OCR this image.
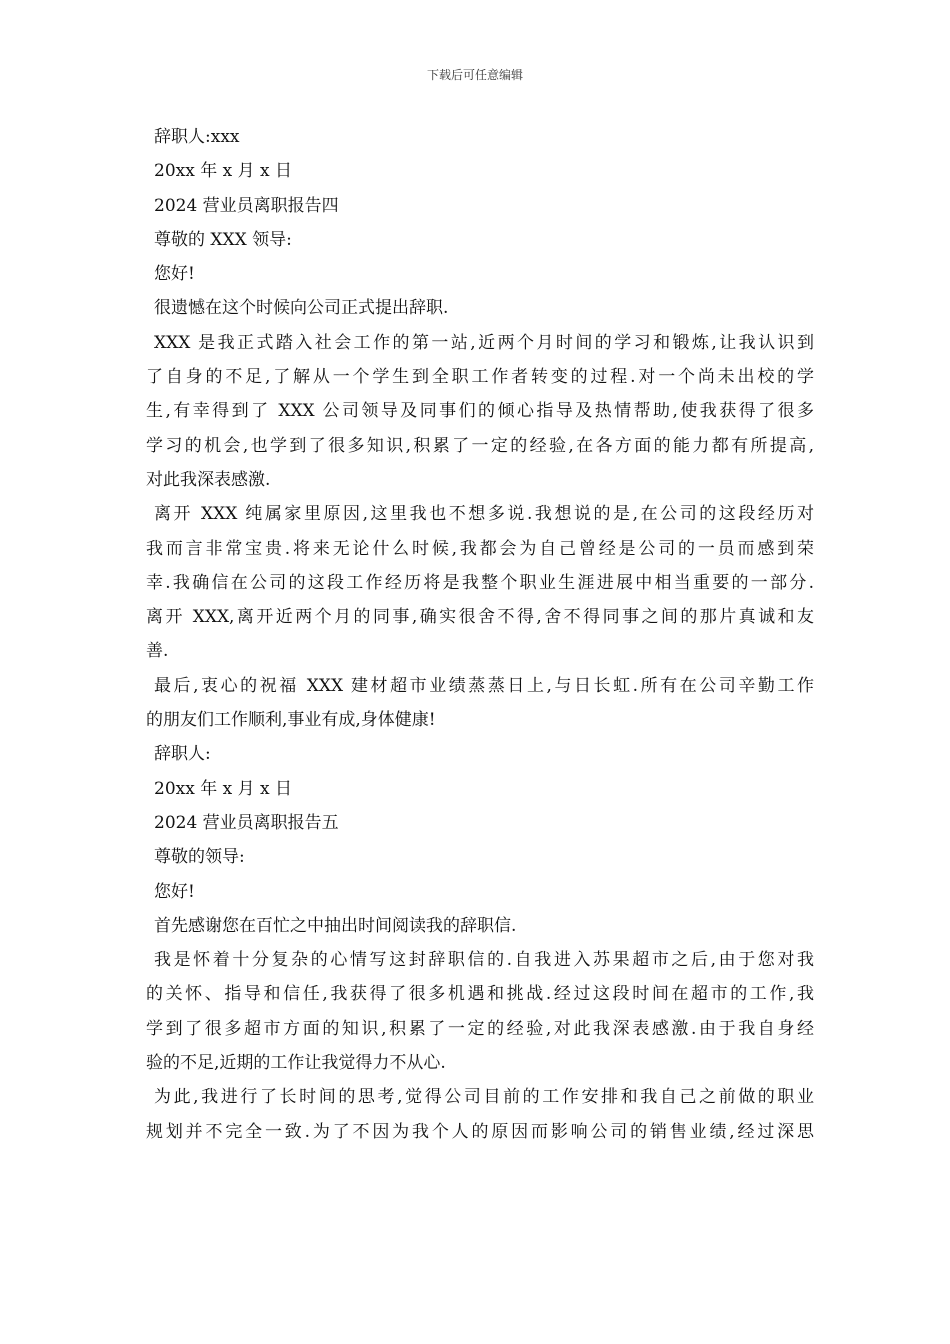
下载后可任意编辑
辞职人:xxx
20xx 年 x 月 x 日
2024 营业员离职报告四
尊敬的 XXX 领导:
您好!
很遗憾在这个时候向公司正式提出辞职.
XXX 是我正式踏入社会工作的第一站,近两个月时间的学习和锻炼,让我认识到
了自身的不足,了解从一个学生到全职工作者转变的过程.对一个尚未出校的学
生,有幸得到了 XXX 公司领导及同事们的倾心指导及热情帮助,使我获得了很多
学习的机会,也学到了很多知识,积累了一定的经验,在各方面的能力都有所提高,
对此我深表感激.
离开 XXX 纯属家里原因,这里我也不想多说.我想说的是,在公司的这段经历对
我而言非常宝贵.将来无论什么时候,我都会为自己曾经是公司的一员而感到荣
幸.我确信在公司的这段工作经历将是我整个职业生涯进展中相当重要的一部分.
离开 XXX,离开近两个月的同事,确实很舍不得,舍不得同事之间的那片真诚和友
善.
最后,衷心的祝福 XXX 建材超市业绩蒸蒸日上,与日长虹.所有在公司辛勤工作
的朋友们工作顺利,事业有成,身体健康!
辞职人:
20xx 年 x 月 x 日
2024 营业员离职报告五
尊敬的领导:
您好!
首先感谢您在百忙之中抽出时间阅读我的辞职信.
我是怀着十分复杂的心情写这封辞职信的.自我进入苏果超市之后,由于您对我
的关怀、指导和信任,我获得了很多机遇和挑战.经过这段时间在超市的工作,我
学到了很多超市方面的知识,积累了一定的经验,对此我深表感激.由于我自身经
验的不足,近期的工作让我觉得力不从心.
为此,我进行了长时间的思考,觉得公司目前的工作安排和我自己之前做的职业
规划并不完全一致.为了不因为我个人的原因而影响公司的销售业绩,经过深思
